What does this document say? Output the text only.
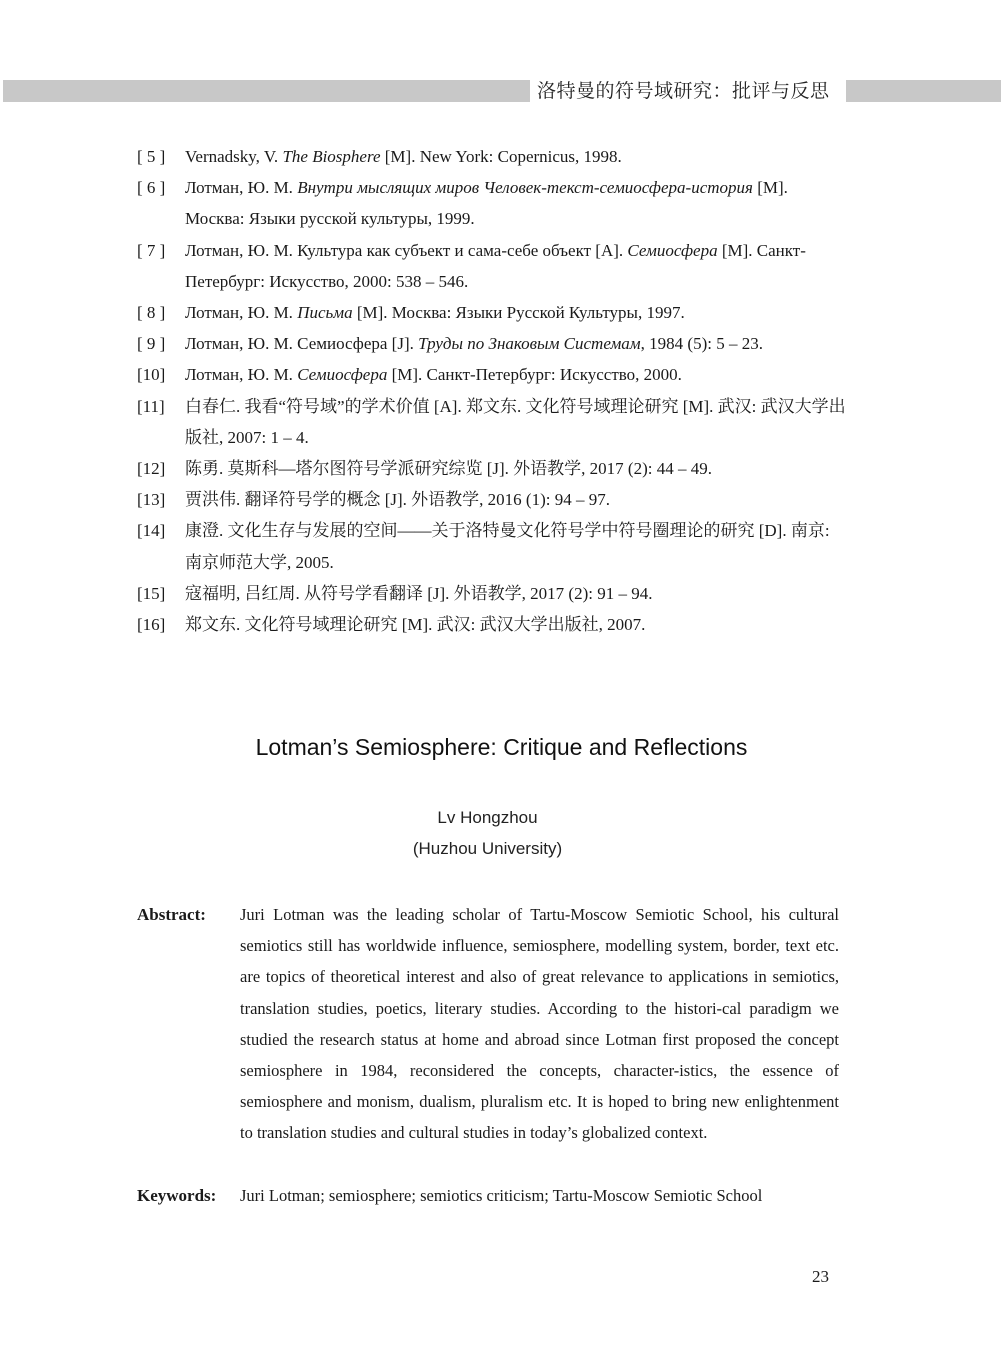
洛特曼的符号域研究：批评与反思
[ 5 ]	Vernadsky, V. The Biosphere [M]. New York: Copernicus, 1998.
[ 6 ]	Лотман, Ю. М. Внутри мыслящих миров Человек-текст-семиосфера-история [M]. Москва: Языки русской культуры, 1999.
[ 7 ]	Лотман, Ю. М. Культура как субъект и сама-себе объект [A]. Семиосфера [M]. Санкт-Петербург: Искусство, 2000: 538 – 546.
[ 8 ]	Лотман, Ю. М. Письма [M]. Москва: Языки Русской Культуры, 1997.
[ 9 ]	Лотман, Ю. М. Семиосфера [J]. Труды по Знаковым Системам, 1984 (5): 5 – 23.
[10]	Лотман, Ю. М. Семиосфера [M]. Санкт-Петербург: Искусство, 2000.
[11]	白春仁. 我看“符号域”的学术价值 [A]. 郑文东. 文化符号域理论研究 [M]. 武汉: 武汉大学出版社, 2007: 1 – 4.
[12]	陈勇. 莫斯科—塔尔图符号学派研究综览 [J]. 外语教学, 2017 (2): 44 – 49.
[13]	贾洪伟. 翻译符号学的概念 [J]. 外语教学, 2016 (1): 94 – 97.
[14]	康澄. 文化生存与发展的空间——关于洛特曼文化符号学中符号圈理论的研究 [D]. 南京: 南京师范大学, 2005.
[15]	寇福明, 吕红周. 从符号学看翻译 [J]. 外语教学, 2017 (2): 91 – 94.
[16]	郑文东. 文化符号域理论研究 [M]. 武汉: 武汉大学出版社, 2007.
Lotman’s Semiosphere: Critique and Reflections
Lv Hongzhou
(Huzhou University)
Abstract: Juri Lotman was the leading scholar of Tartu-Moscow Semiotic School, his cultural semiotics still has worldwide influence, semiosphere, modelling system, border, text etc. are topics of theoretical interest and also of great relevance to applications in semiotics, translation studies, poetics, literary studies. According to the histori-cal paradigm we studied the research status at home and abroad since Lotman first proposed the concept semiosphere in 1984, reconsidered the concepts, character-istics, the essence of semiosphere and monism, dualism, pluralism etc. It is hoped to bring new enlightenment to translation studies and cultural studies in today’s globalized context.
Keywords: Juri Lotman; semiosphere; semiotics criticism; Tartu-Moscow Semiotic School
23
